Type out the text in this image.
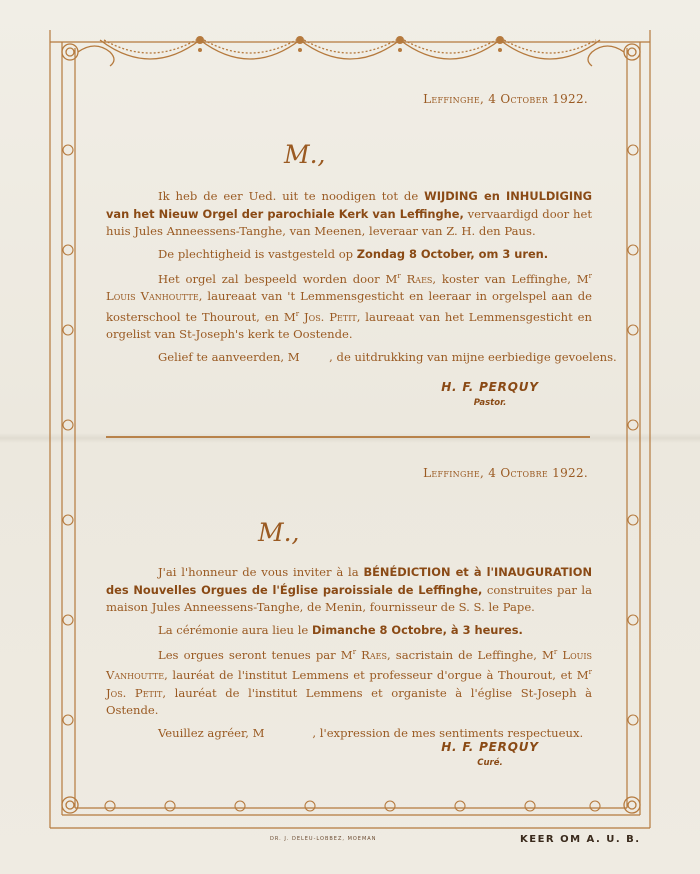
Leffinghe, 4 October 1922.
M.,

Ik heb de eer Ued. uit te noodigen tot de WIJDING en INHULDIGING van het Nieuw Orgel der parochiale Kerk van Leffinghe, vervaardigd door het huis Jules Anneessens-Tanghe, van Meenen, leveraar van Z. H. den Paus.

De plechtigheid is vastgesteld op Zondag 8 October, om 3 uren.

Het orgel zal bespeeld worden door $M^r$ Raes, koster van Leffinghe, $M^r$ Louis Vanhoutte, laureaat van 't Lemmensgesticht en leeraar in orgelspel aan de kosterschool te Thourout, en $M^r$ Jos. Petit, laureaat van het Lemmensgesticht en orgelist van St-Joseph's kerk te Oostende.

Gelief te aanveerden, M        , de uitdrukking van mijne eerbiedige gevoelens.

H. F. PERQUY
Pastor.
Leffinghe, 4 Octobre 1922.
M.,

J'ai l'honneur de vous inviter à la BÉNÉDICTION et à l'INAUGURATION des Nouvelles Orgues de l'Église paroissiale de Leffinghe, construites par la maison Jules Anneessens-Tanghe, de Menin, fournisseur de S. S. le Pape.

La cérémonie aura lieu le Dimanche 8 Octobre, à 3 heures.

Les orgues seront tenues par $M^r$ Raes, sacristain de Leffinghe, $M^r$ Louis Vanhoutte, lauréat de l'institut Lemmens et professeur d'orgue à Thourout, et $M^r$ Jos. Petit, lauréat de l'institut Lemmens et organiste à l'église St-Joseph à Ostende.

Veuillez agréer, M             , l'expression de mes sentiments respectueux.

H. F. PERQUY
Curé.
DR. J. DELEU-LOBBEZ, MOEMAN	KEER OM A. U. B.
